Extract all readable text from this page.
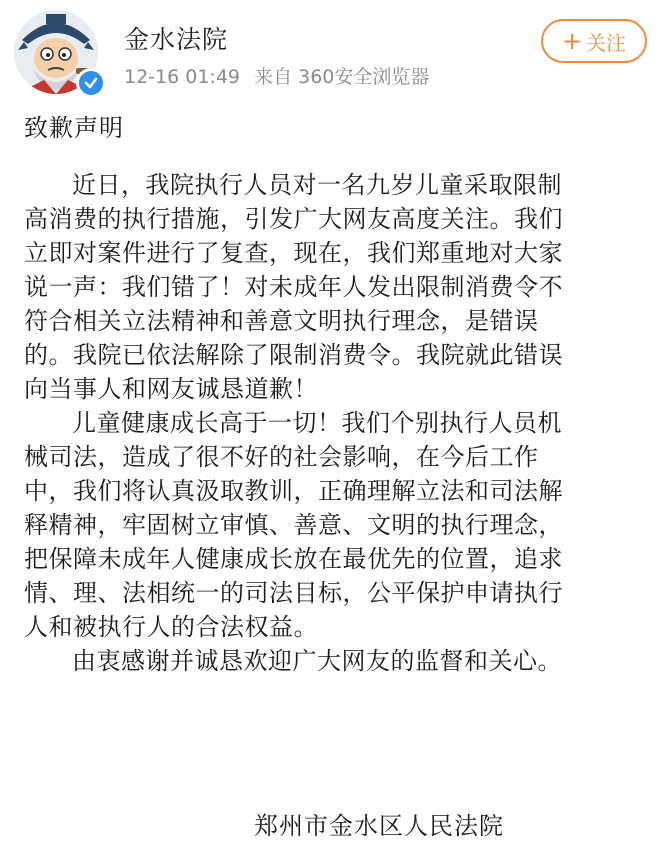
金水法院
12-16 01:49 来自 360安全浏览器
+ 关注
致歉声明
近日，我院执行人员对一名九岁儿童采取限制
高消费的执行措施，引发广大网友高度关注。我们
立即对案件进行了复查，现在，我们郑重地对大家
说一声：我们错了！对未成年人发出限制消费令不
符合相关立法精神和善意文明执行理念，是错误
的。我院已依法解除了限制消费令。我院就此错误
向当事人和网友诚恳道歉！
儿童健康成长高于一切！我们个别执行人员机
械司法，造成了很不好的社会影响，在今后工作
中，我们将认真汲取教训，正确理解立法和司法解
释精神，牢固树立审慎、善意、文明的执行理念，
把保障未成年人健康成长放在最优先的位置，追求
情、理、法相统一的司法目标，公平保护申请执行
人和被执行人的合法权益。
由衷感谢并诚恳欢迎广大网友的监督和关心。
郑州市金水区人民法院
